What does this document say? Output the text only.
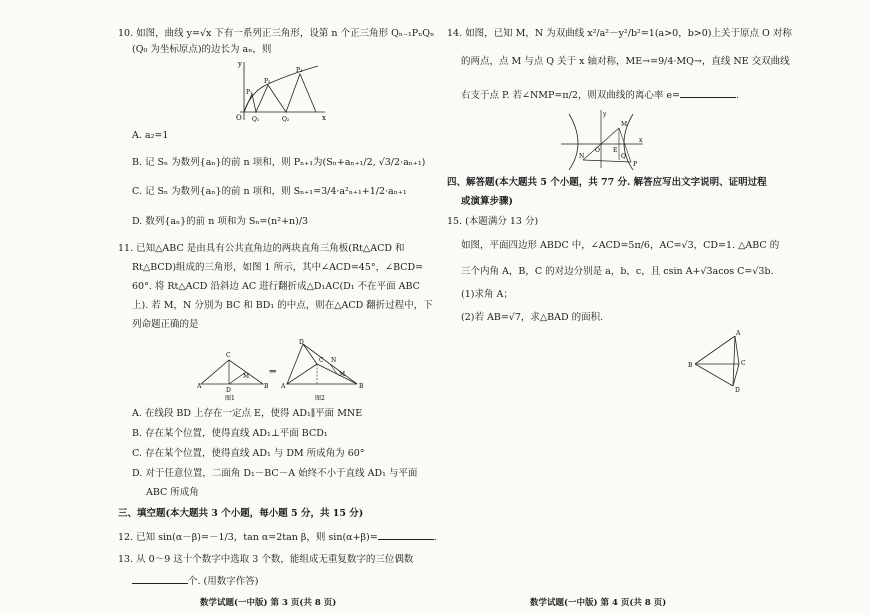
10. 如图，曲线 y=√x 下有一系列正三角形，设第 n 个正三角形 Qₙ₋₁PₙQₙ
(Q₀ 为坐标原点)的边长为 aₙ，则
y
x
O
P₁
P₂
P₃
Q₁	Q₂
A. a₂=1
B. 记 Sₙ 为数列{aₙ}的前 n 项和，则 Pₙ₊₁为(Sₙ+aₙ₊₁/2, √3/2·aₙ₊₁)
C. 记 Sₙ 为数列{aₙ}的前 n 项和，则 Sₙ₊₁=3/4·a²ₙ₊₁+1/2·aₙ₊₁
D. 数列{aₙ}的前 n 项和为 Sₙ=(n²+n)/3
11. 已知△ABC 是由具有公共直角边的两块直角三角板(Rt△ACD 和
Rt△BCD)组成的三角形，如图 1 所示，其中∠ACD=45°，∠BCD=
60°. 将 Rt△ACD 沿斜边 AC 进行翻折成△D₁AC(D₁ 不在平面 ABC
上). 若 M，N 分别为 BC 和 BD₁ 的中点，则在△ACD 翻折过程中，下
列命题正确的是
A
C
D
B
M
图1
⇒
D
A
C
B
N
M
图2
A. 在线段 BD 上存在一定点 E，使得 AD₁∥平面 MNE
B. 存在某个位置，使得直线 AD₁⊥平面 BCD₁
C. 存在某个位置，使得直线 AD₁ 与 DM 所成角为 60°
D. 对于任意位置，二面角 D₁－BC－A 始终不小于直线 AD₁ 与平面
ABC 所成角
三、填空题(本大题共 3 个小题，每小题 5 分，共 15 分)
12. 已知 sin(α－β)=－1/3，tan α=2tan β，则 sin(α+β)=	.
13. 从 0～9 这十个数字中选取 3 个数，能组成无重复数字的三位偶数
个. (用数字作答)
数学试题(一中版) 第 3 页(共 8 页)
14. 如图，已知 M，N 为双曲线 x²/a²－y²/b²=1(a>0，b>0)上关于原点 O 对称
的两点，点 M 与点 Q 关于 x 轴对称，ME→=9/4·MQ→，直线 NE 交双曲线
右支于点 P. 若∠NMP=π/2，则双曲线的离心率 e=	.
M
N
O
Q
E
P
y
x
四、解答题(本大题共 5 个小题，共 77 分. 解答应写出文字说明、证明过程
或演算步骤)
15. (本题满分 13 分)
如图，平面四边形 ABDC 中，∠ACD=5π/6，AC=√3，CD=1. △ABC 的
三个内角 A，B，C 的对边分别是 a，b，c，且 csin A+√3acos C=√3b.
(1)求角 A；
(2)若 AB=√7，求△BAD 的面积.
A
B	C
D
数学试题(一中版) 第 4 页(共 8 页)
